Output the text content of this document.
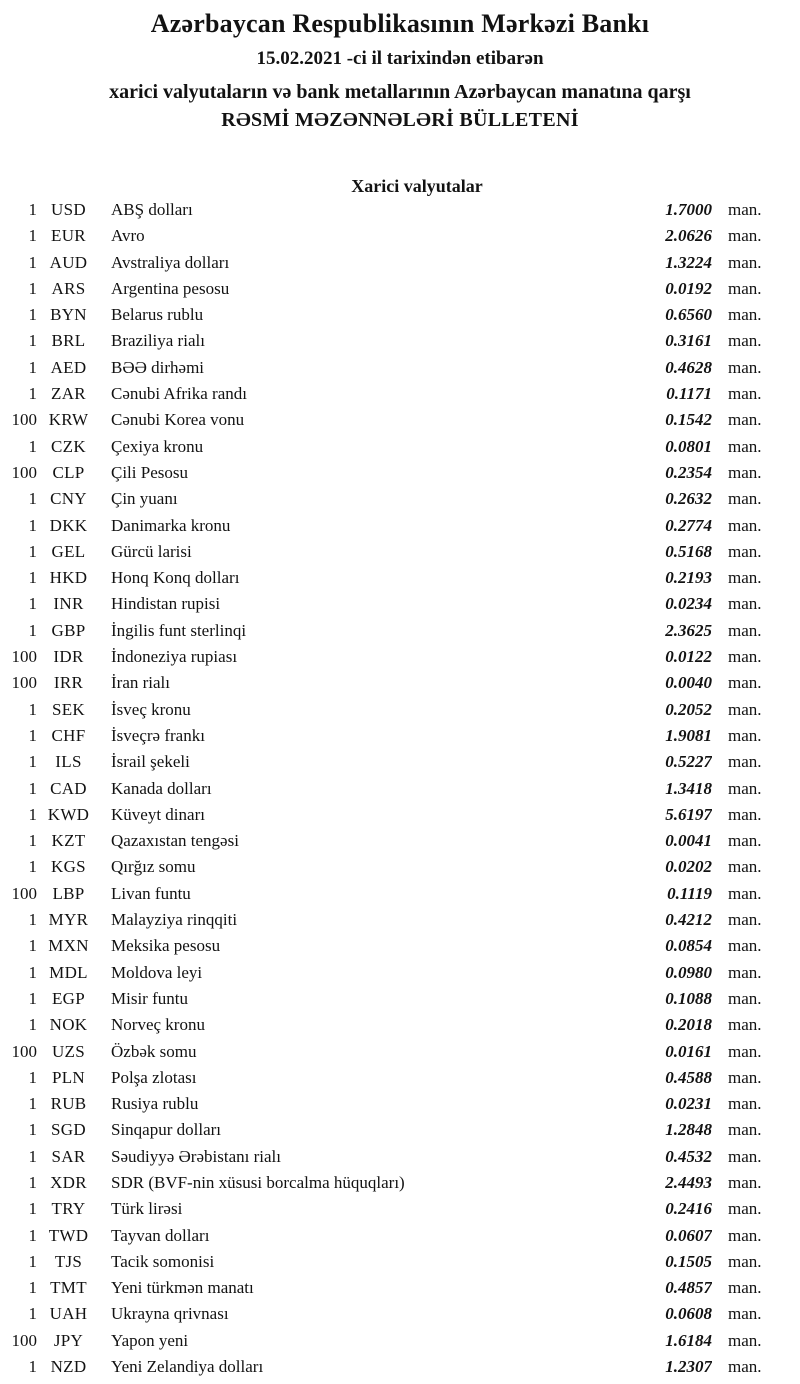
Azərbaycan Respublikasının Mərkəzi Bankı
15.02.2021 -ci il tarixindən etibarən
xarici valyutaların və bank metallarının Azərbaycan manatına qarşı
RƏSMİ MƏZƏNNƏLƏRİ BÜLLETENİ
Xarici valyutalar
1 USD	ABŞ dolları	1.7000 man.
1 EUR	Avro	2.0626 man.
1 AUD	Avstraliya dolları	1.3224 man.
1 ARS	Argentina pesosu	0.0192 man.
1 BYN	Belarus rublu	0.6560 man.
1 BRL	Braziliya rialı	0.3161 man.
1 AED	BƏƏ dirhəmi	0.4628 man.
1 ZAR	Cənubi Afrika randı	0.1171 man.
100 KRW	Cənubi Korea vonu	0.1542 man.
1 CZK	Çexiya kronu	0.0801 man.
100 CLP	Çili Pesosu	0.2354 man.
1 CNY	Çin yuanı	0.2632 man.
1 DKK	Danimarka kronu	0.2774 man.
1 GEL	Gürcü larisi	0.5168 man.
1 HKD	Honq Konq dolları	0.2193 man.
1 INR	Hindistan rupisi	0.0234 man.
1 GBP	İngilis funt sterlinqi	2.3625 man.
100 IDR	İndoneziya rupiası	0.0122 man.
100 IRR	İran rialı	0.0040 man.
1 SEK	İsveç kronu	0.2052 man.
1 CHF	İsveçrə frankı	1.9081 man.
1	ILS	İsrail şekeli	0.5227 man.
1 CAD	Kanada dolları	1.3418 man.
1 KWD	Küveyt dinarı	5.6197 man.
1 KZT	Qazaxıstan tengəsi	0.0041 man.
1 KGS	Qırğız somu	0.0202 man.
100 LBP	Livan funtu	0.1119 man.
1 MYR	Malayziya rinqqiti	0.4212 man.
1 MXN	Meksika pesosu	0.0854 man.
1 MDL	Moldova leyi	0.0980 man.
1 EGP	Misir funtu	0.1088 man.
1 NOK	Norveç kronu	0.2018 man.
100 UZS	Özbək somu	0.0161 man.
1 PLN	Polşa zlotası	0.4588 man.
1 RUB	Rusiya rublu	0.0231 man.
1 SGD	Sinqapur dolları	1.2848 man.
1 SAR	Səudiyyə Ərəbistanı rialı	0.4532 man.
1 XDR	SDR (BVF-nin xüsusi borcalma hüquqları)	2.4493 man.
1 TRY	Türk lirəsi	0.2416 man.
1 TWD	Tayvan dolları	0.0607 man.
1	TJS	Tacik somonisi	0.1505 man.
1 TMT	Yeni türkmən manatı	0.4857 man.
1 UAH	Ukrayna qrivnası	0.0608 man.
100 JPY	Yapon yeni	1.6184 man.
1 NZD	Yeni Zelandiya dolları	1.2307 man.
